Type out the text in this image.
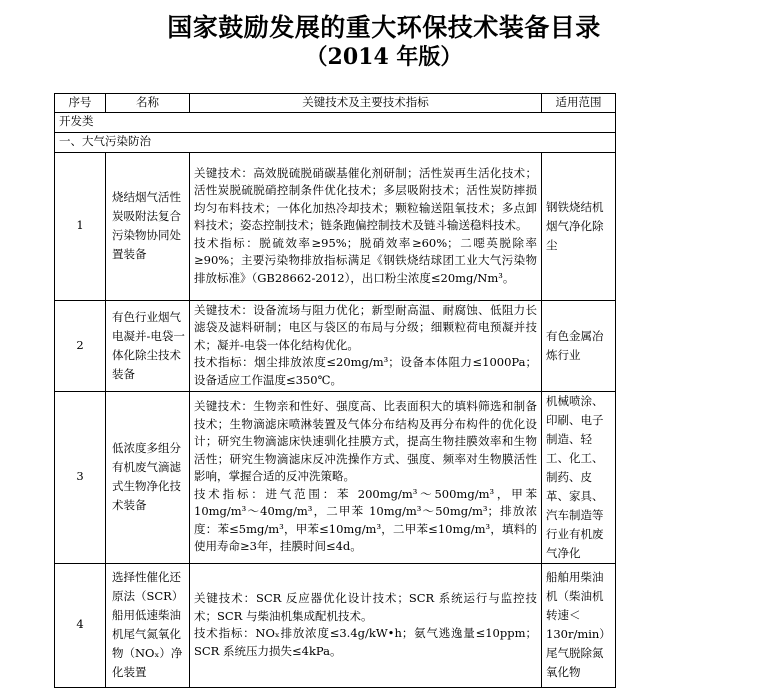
国家鼓励发展的重大环保技术装备目录
（2014 年版）
序号	名称	关键技术及主要技术指标	适用范围
开发类			
一、大气污染防治			
1	烧结烟气活性炭吸附法复合污染物协同处置装备	关键技术：高效脱硫脱硝碳基催化剂研制；活性炭再生活化技术；活性炭脱硫脱硝控制条件优化技术；多层吸附技术；活性炭防摔损均匀布料技术；一体化加热冷却技术；颗粒输送阻氧技术；多点卸料技术；姿态控制技术；链条跑偏控制技术及链斗输送稳料技术。
技术指标：脱硫效率≥95%；脱硝效率≥60%；二噁英脱除率≥90%；主要污染物排放指标满足《钢铁烧结球团工业大气污染物排放标准》（GB28662-2012），出口粉尘浓度≤20mg/Nm³。	钢铁烧结机烟气净化除尘
2	有色行业烟气电凝并-电袋一体化除尘技术装备	关键技术：设备流场与阻力优化；新型耐高温、耐腐蚀、低阻力长滤袋及滤料研制；电区与袋区的布局与分级；细颗粒荷电预凝并技术；凝并-电袋一体化结构优化。
技术指标：烟尘排放浓度≤20mg/m³；设备本体阻力≤1000Pa；设备适应工作温度≤350℃。	有色金属冶炼行业
3	低浓度多组分有机废气滴滤式生物净化技术装备	关键技术：生物亲和性好、强度高、比表面积大的填料筛选和制备技术；生物滴滤床喷淋装置及气体分布结构及再分布构件的优化设计；研究生物滴滤床快速驯化挂膜方式，提高生物挂膜效率和生物活性；研究生物滴滤床反冲洗操作方式、强度、频率对生物膜活性影响，掌握合适的反冲洗策略。
技术指标：进气范围：苯 200mg/m³～500mg/m³，甲苯 10mg/m³～40mg/m³，二甲苯 10mg/m³～50mg/m³；排放浓度：苯≤5mg/m³，甲苯≤10mg/m³，二甲苯≤10mg/m³，填料的使用寿命≥3年，挂膜时间≤4d。	机械喷涂、印刷、电子制造、轻工、化工、制药、皮革、家具、汽车制造等行业有机废气净化
4	选择性催化还原法（SCR）船用低速柴油机尾气氮氧化物（NOₓ）净化装置	关键技术：SCR 反应器优化设计技术；SCR 系统运行与监控技术；SCR 与柴油机集成配机技术。
技术指标：NOₓ排放浓度≤3.4g/kW•h；氨气逃逸量≤10ppm；SCR 系统压力损失≤4kPa。	船舶用柴油机（柴油机转速＜130r/min）尾气脱除氮氧化物
